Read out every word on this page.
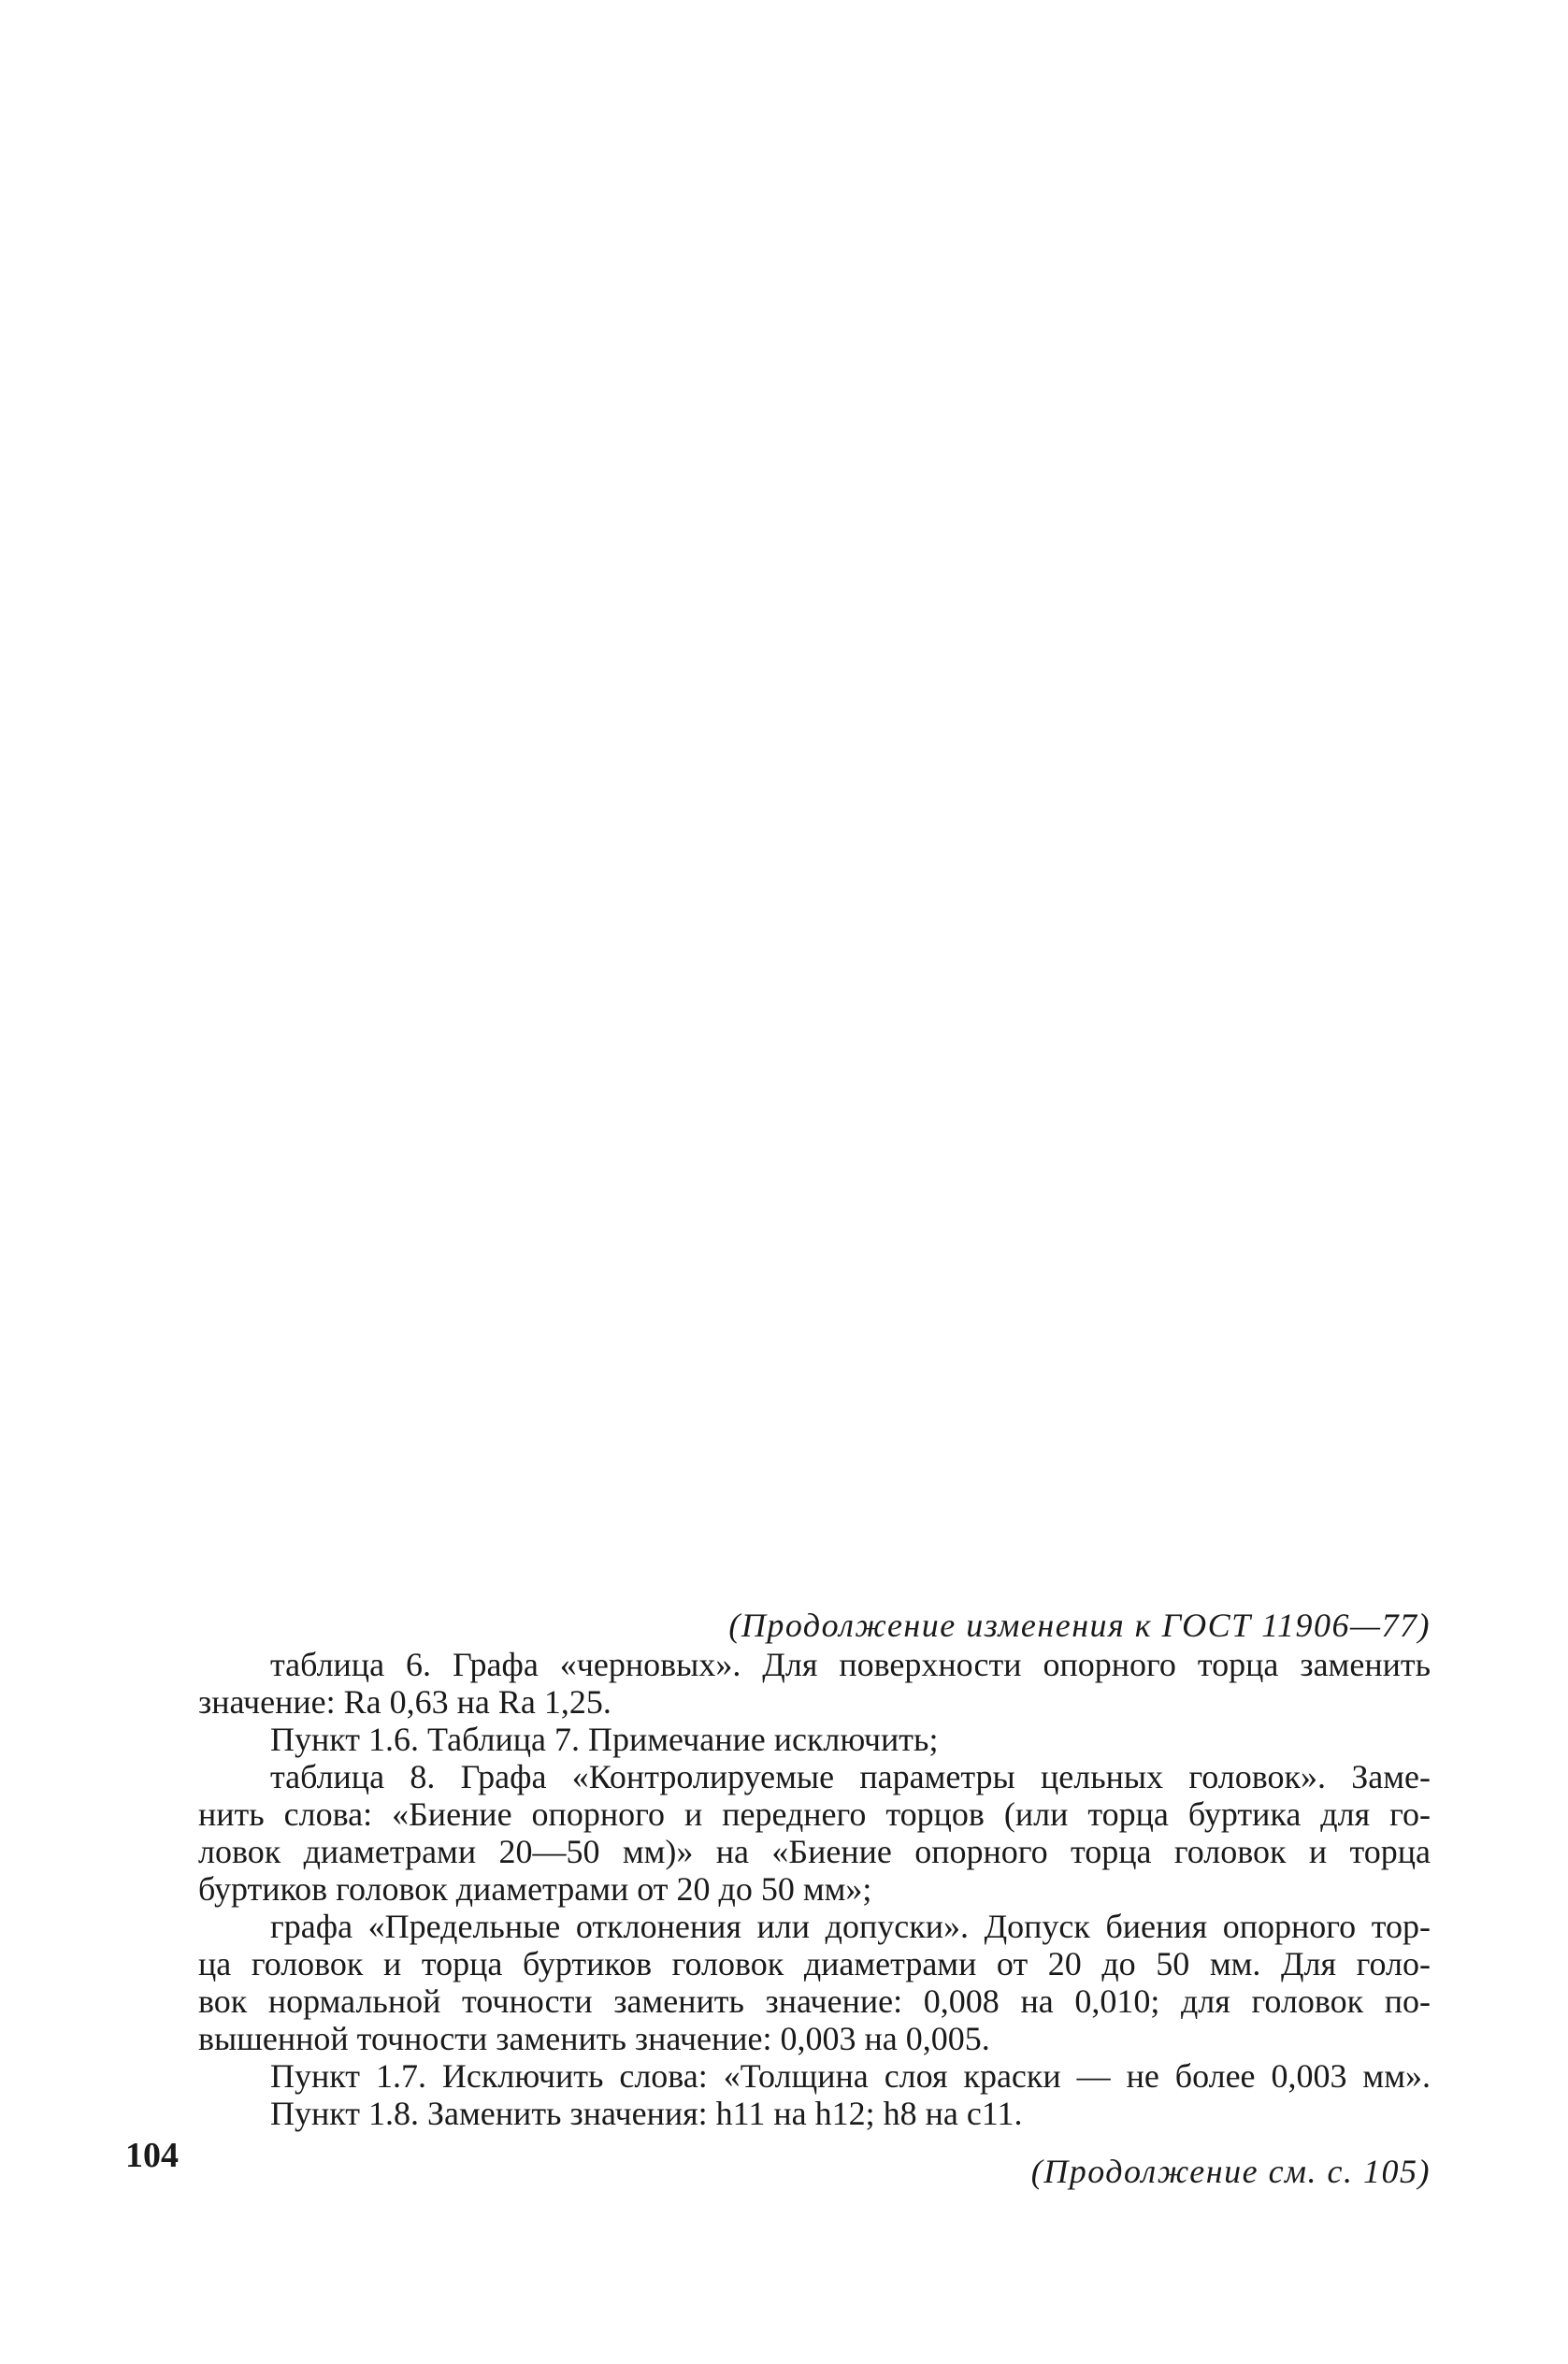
(Продолжение изменения к ГОСТ 11906—77)
таблица 6. Графа «черновых». Для поверхности опорного торца заменить
значение: Ra 0,63 на Ra 1,25.
Пункт 1.6. Таблица 7. Примечание исключить;
таблица 8. Графа «Контролируемые параметры цельных головок». Заме-
нить слова: «Биение опорного и переднего торцов (или торца буртика для го-
ловок диаметрами 20—50 мм)» на «Биение опорного торца головок и торца
буртиков головок диаметрами от 20 до 50 мм»;
графа «Предельные отклонения или допуски». Допуск биения опорного тор-
ца головок и торца буртиков головок диаметрами от 20 до 50 мм. Для голо-
вок нормальной точности заменить значение: 0,008 на 0,010; для головок по-
вышенной точности заменить значение: 0,003 на 0,005.
Пункт 1.7. Исключить слова: «Толщина слоя краски — не более 0,003 мм».
Пункт 1.8. Заменить значения: h11 на h12; h8 на c11.
(Продолжение см. с. 105)
104
